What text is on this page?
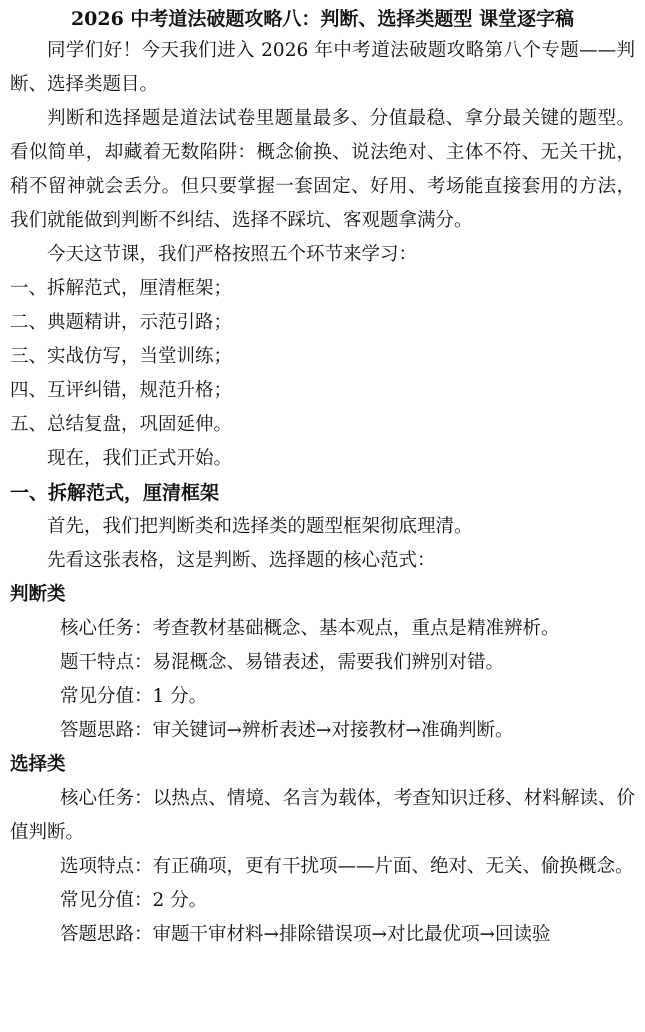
2026 中考道法破题攻略八：判断、选择类题型 课堂逐字稿

同学们好！今天我们进入 2026 年中考道法破题攻略第八个专题——判断、选择类题目。

判断和选择题是道法试卷里题量最多、分值最稳、拿分最关键的题型。看似简单，却藏着无数陷阱：概念偷换、说法绝对、主体不符、无关干扰，稍不留神就会丢分。但只要掌握一套固定、好用、考场能直接套用的方法，我们就能做到判断不纠结、选择不踩坑、客观题拿满分。

今天这节课，我们严格按照五个环节来学习：

一、拆解范式，厘清框架；

二、典题精讲，示范引路；

三、实战仿写，当堂训练；

四、互评纠错，规范升格；

五、总结复盘，巩固延伸。

现在，我们正式开始。

一、拆解范式，厘清框架

首先，我们把判断类和选择类的题型框架彻底理清。

先看这张表格，这是判断、选择题的核心范式：

判断类

核心任务：考查教材基础概念、基本观点，重点是精准辨析。

题干特点：易混概念、易错表述，需要我们辨别对错。

常见分值：1 分。

答题思路：审关键词→辨析表述→对接教材→准确判断。

选择类

核心任务：以热点、情境、名言为载体，考查知识迁移、材料解读、价值判断。

选项特点：有正确项，更有干扰项——片面、绝对、无关、偷换概念。

常见分值：2 分。

答题思路：审题干审材料→排除错误项→对比最优项→回读验
